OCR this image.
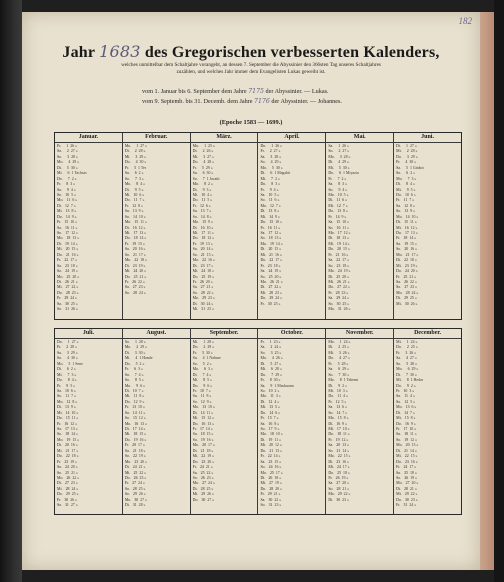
182
Jahr 1683 des Gregorischen verbesserten Kalenders,
welches unmittelbar dem Schaltjahre vorangeht, an dessen 7. September die Abyssinier den 366sten Tag unseres Schaltjahres
zuzählen, und welches Jahr immer dem Evangelisten Lukas geweiht ist.
vom 1. Januar bis 6. September dem Jahre 7175 der Abyssinier. — Lukas.
vom 9. Septemb. bis 31. Decemb. dem Jahre 7176 der Abyssinier. — Johannes.
(Epoche 1583 — 1699.)
Januar.
Fr. 1 26 »
Sa. 2 27 »
So. 3 28 »
Mo. 4 29 »
Di. 5 30 »
Mi. 6 1 Tachsas
Do. 7 2 »
Fr. 8 3 »
Sa. 9 4 »
So. 10 5 »
Mo. 11 6 »
Di. 12 7 »
Mi. 13 8 »
Do. 14 9 »
Fr. 15 10 »
Sa. 16 11 »
So. 17 12 »
Mo. 18 13 »
Di. 19 14 »
Mi. 20 15 »
Do. 21 16 »
Fr. 22 17 »
Sa. 23 18 »
So. 24 19 »
Mo. 25 20 »
Di. 26 21 »
Mi. 27 22 »
Do. 28 23 »
Fr. 29 24 »
Sa. 30 25 »
So. 31 26 »
Februar.
Mo. 1 27 »
Di. 2 28 »
Mi. 3 29 »
Do. 4 30 »
Fr. 5 1 Ter
Sa. 6 2 »
So. 7 3 »
Mo. 8 4 »
Di. 9 5 »
Mi. 10 6 »
Do. 11 7 »
Fr. 12 8 »
Sa. 13 9 »
So. 14 10 »
Mo. 15 11 »
Di. 16 12 »
Mi. 17 13 »
Do. 18 14 »
Fr. 19 15 »
Sa. 20 16 »
So. 21 17 »
Mo. 22 18 »
Di. 23 19 »
Mi. 24 20 »
Do. 25 21 »
Fr. 26 22 »
Sa. 27 23 »
So. 28 24 »
März.
Mo. 1 25 »
Di. 2 26 »
Mi. 3 27 »
Do. 4 28 »
Fr. 5 29 »
Sa. 6 30 »
So. 7 1 Jacatit
Mo. 8 2 »
Di. 9 3 »
Mi. 10 4 »
Do. 11 5 »
Fr. 12 6 »
Sa. 13 7 »
So. 14 8 »
Mo. 15 9 »
Di. 16 10 »
Mi. 17 11 »
Do. 18 12 »
Fr. 19 13 »
Sa. 20 14 »
So. 21 15 »
Mo. 22 16 »
Di. 23 17 »
Mi. 24 18 »
Do. 25 19 »
Fr. 26 20 »
Sa. 27 21 »
So. 28 22 »
Mo. 29 23 »
Di. 30 24 »
Mi. 31 25 »
April.
Do. 1 26 »
Fr. 2 27 »
Sa. 3 28 »
So. 4 29 »
Mo. 5 30 »
Di. 6 1 Magabit
Mi. 7 2 »
Do. 8 3 »
Fr. 9 4 »
Sa. 10 5 »
So. 11 6 »
Mo. 12 7 »
Di. 13 8 »
Mi. 14 9 »
Do. 15 10 »
Fr. 16 11 »
Sa. 17 12 »
So. 18 13 »
Mo. 19 14 »
Di. 20 15 »
Mi. 21 16 »
Do. 22 17 »
Fr. 23 18 »
Sa. 24 19 »
So. 25 20 »
Mo. 26 21 »
Di. 27 22 »
Mi. 28 23 »
Do. 29 24 »
Fr. 30 25 »
Mai.
Sa. 1 26 »
So. 2 27 »
Mo. 3 28 »
Di. 4 29 »
Mi. 5 30 »
Do. 6 1 Miyazia
Fr. 7 2 »
Sa. 8 3 »
So. 9 4 »
Mo. 10 5 »
Di. 11 6 »
Mi. 12 7 »
Do. 13 8 »
Fr. 14 9 »
Sa. 15 10 »
So. 16 11 »
Mo. 17 12 »
Di. 18 13 »
Mi. 19 14 »
Do. 20 15 »
Fr. 21 16 »
Sa. 22 17 »
So. 23 18 »
Mo. 24 19 »
Di. 25 20 »
Mi. 26 21 »
Do. 27 22 »
Fr. 28 23 »
Sa. 29 24 »
So. 30 25 »
Mo. 31 26 »
Juni.
Di. 1 27 »
Mi. 2 28 »
Do. 3 29 »
Fr. 4 30 »
Sa. 5 1 Ginbot
So. 6 2 »
Mo. 7 3 »
Di. 8 4 »
Mi. 9 5 »
Do. 10 6 »
Fr. 11 7 »
Sa. 12 8 »
So. 13 9 »
Mo. 14 10 »
Di. 15 11 »
Mi. 16 12 »
Do. 17 13 »
Fr. 18 14 »
Sa. 19 15 »
So. 20 16 »
Mo. 21 17 »
Di. 22 18 »
Mi. 23 19 »
Do. 24 20 »
Fr. 25 21 »
Sa. 26 22 »
So. 27 23 »
Mo. 28 24 »
Di. 29 25 »
Mi. 30 26 »
Juli.
Do. 1 27 »
Fr. 2 28 »
Sa. 3 29 »
So. 4 30 »
Mo. 5 1 Sene
Di. 6 2 »
Mi. 7 3 »
Do. 8 4 »
Fr. 9 5 »
Sa. 10 6 »
So. 11 7 »
Mo. 12 8 »
Di. 13 9 »
Mi. 14 10 »
Do. 15 11 »
Fr. 16 12 »
Sa. 17 13 »
So. 18 14 »
Mo. 19 15 »
Di. 20 16 »
Mi. 21 17 »
Do. 22 18 »
Fr. 23 19 »
Sa. 24 20 »
So. 25 21 »
Mo. 26 22 »
Di. 27 23 »
Mi. 28 24 »
Do. 29 25 »
Fr. 30 26 »
Sa. 31 27 »
August.
So. 1 28 »
Mo. 2 29 »
Di. 3 30 »
Mi. 4 1 Hamle
Do. 5 2 »
Fr. 6 3 »
Sa. 7 4 »
So. 8 5 »
Mo. 9 6 »
Di. 10 7 »
Mi. 11 8 »
Do. 12 9 »
Fr. 13 10 »
Sa. 14 11 »
So. 15 12 »
Mo. 16 13 »
Di. 17 14 »
Mi. 18 15 »
Do. 19 16 »
Fr. 20 17 »
Sa. 21 18 »
So. 22 19 »
Mo. 23 20 »
Di. 24 21 »
Mi. 25 22 »
Do. 26 23 »
Fr. 27 24 »
Sa. 28 25 »
So. 29 26 »
Mo. 30 27 »
Di. 31 28 »
September.
Mi. 1 28 »
Do. 2 29 »
Fr. 3 30 »
Sa. 4 1 Nahase
So. 5 2 »
Mo. 6 3 »
Di. 7 4 »
Mi. 8 5 »
Do. 9 6 »
Fr. 10 7 »
Sa. 11 8 »
So. 12 9 »
Mo. 13 10 »
Di. 14 11 »
Mi. 15 12 »
Do. 16 13 »
Fr. 17 14 »
Sa. 18 15 »
So. 19 16 »
Mo. 20 17 »
Di. 21 18 »
Mi. 22 19 »
Do. 23 20 »
Fr. 24 21 »
Sa. 25 22 »
So. 26 23 »
Mo. 27 24 »
Di. 28 25 »
Mi. 29 26 »
Do. 30 27 »
October.
Fr. 1 23 »
Sa. 2 24 »
So. 3 25 »
Mo. 4 26 »
Di. 5 27 »
Mi. 6 28 »
Do. 7 29 »
Fr. 8 30 »
Sa. 9 1 Maskaram
So. 10 2 »
Mo. 11 3 »
Di. 12 4 »
Mi. 13 5 »
Do. 14 6 »
Fr. 15 7 »
Sa. 16 8 »
So. 17 9 »
Mo. 18 10 »
Di. 19 11 »
Mi. 20 12 »
Do. 21 13 »
Fr. 22 14 »
Sa. 23 15 »
So. 24 16 »
Mo. 25 17 »
Di. 26 18 »
Mi. 27 19 »
Do. 28 20 »
Fr. 29 21 »
Sa. 30 22 »
So. 31 23 »
November.
Mo. 1 24 »
Di. 2 25 »
Mi. 3 26 »
Do. 4 27 »
Fr. 5 28 »
Sa. 6 29 »
So. 7 30 »
Mo. 8 1 Tekemt
Di. 9 2 »
Mi. 10 3 »
Do. 11 4 »
Fr. 12 5 »
Sa. 13 6 »
So. 14 7 »
Mo. 15 8 »
Di. 16 9 »
Mi. 17 10 »
Do. 18 11 »
Fr. 19 12 »
Sa. 20 13 »
So. 21 14 »
Mo. 22 15 »
Di. 23 16 »
Mi. 24 17 »
Do. 25 18 »
Fr. 26 19 »
Sa. 27 20 »
So. 28 21 »
Mo. 29 22 »
Di. 30 23 »
December.
Mi. 1 24 »
Do. 2 25 »
Fr. 3 26 »
Sa. 4 27 »
So. 5 28 »
Mo. 6 29 »
Di. 7 30 »
Mi. 8 1 Hedar
Do. 9 2 »
Fr. 10 3 »
Sa. 11 4 »
So. 12 5 »
Mo. 13 6 »
Di. 14 7 »
Mi. 15 8 »
Do. 16 9 »
Fr. 17 10 »
Sa. 18 11 »
So. 19 12 »
Mo. 20 13 »
Di. 21 14 »
Mi. 22 15 »
Do. 23 16 »
Fr. 24 17 »
Sa. 25 18 »
So. 26 19 »
Mo. 27 20 »
Di. 28 21 »
Mi. 29 22 »
Do. 30 23 »
Fr. 31 24 »
